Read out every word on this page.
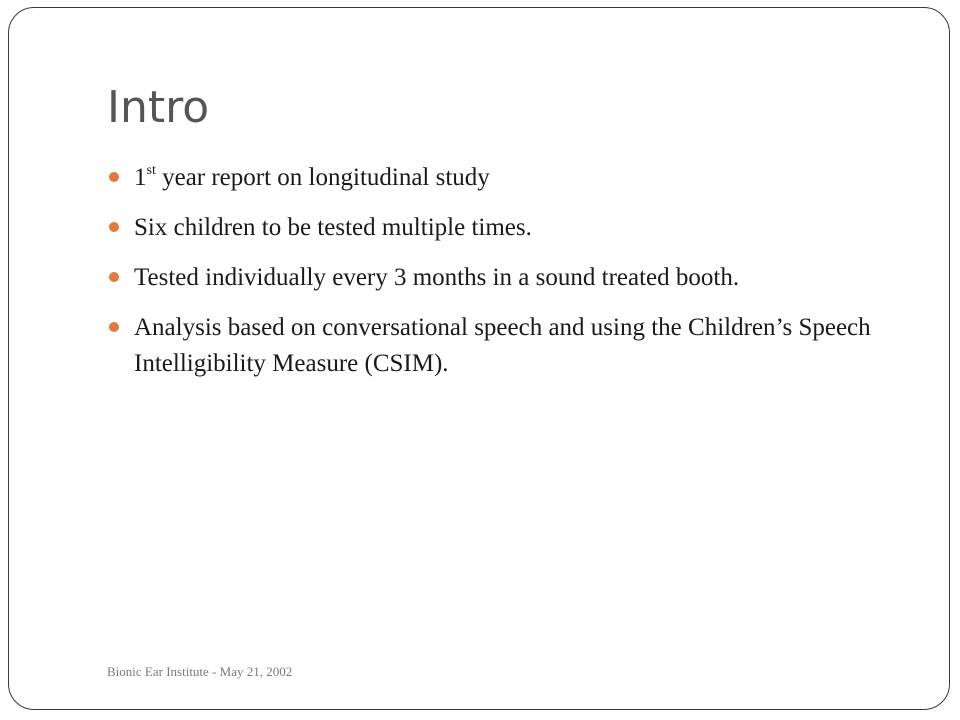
Intro
1st year report on longitudinal study
Six children to be tested multiple times.
Tested individually every 3 months in a sound treated booth.
Analysis based on conversational speech and using the Children’s Speech Intelligibility Measure (CSIM).
Bionic Ear Institute - May 21, 2002
